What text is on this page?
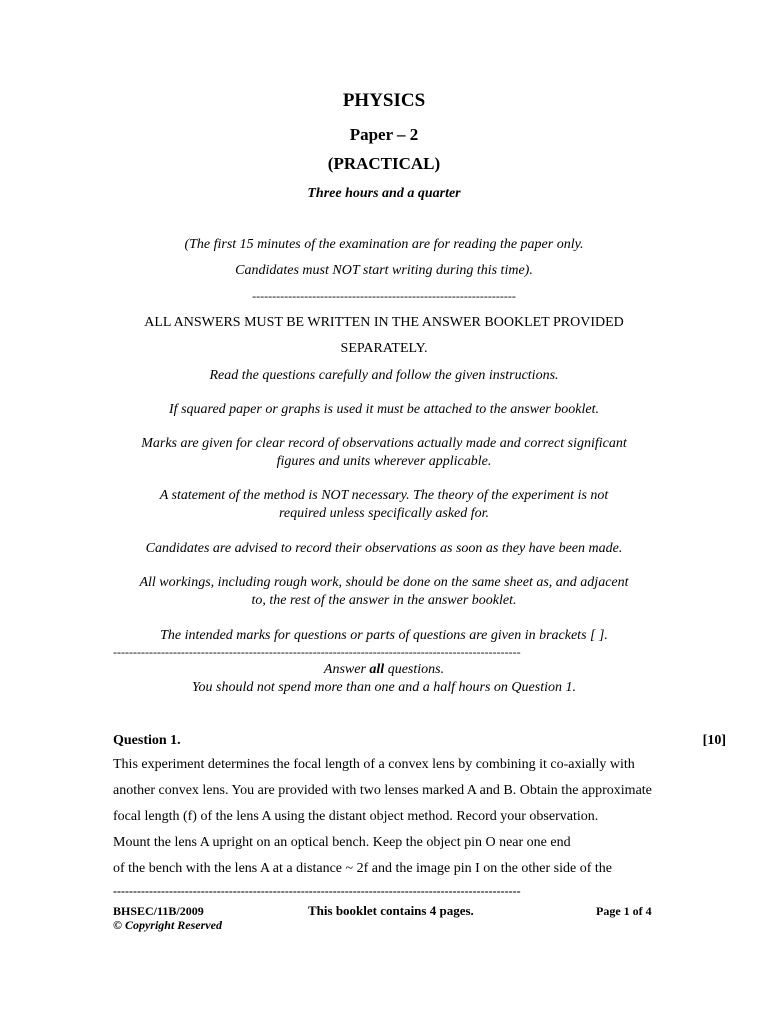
PHYSICS
Paper – 2
(PRACTICAL)
Three hours and a quarter
(The first 15 minutes of the examination are for reading the paper only.
Candidates must NOT start writing during this time).
------------------------------------------------------------------
ALL ANSWERS MUST BE WRITTEN IN THE ANSWER BOOKLET PROVIDED
SEPARATELY.
Read the questions carefully and follow the given instructions.
If squared paper or graphs is used it must be attached to the answer booklet.
Marks are given for clear record of observations actually made and correct significant
figures and units wherever applicable.
A statement of the method is NOT necessary. The theory of the experiment is not
required unless specifically asked for.
Candidates are advised to record their observations as soon as they have been made.
All workings, including rough work, should be done on the same sheet as, and adjacent
to, the rest of the answer in the answer booklet.
The intended marks for questions or parts of questions are given in brackets [ ].
------------------------------------------------------------------------------------------------------
Answer all questions.
You should not spend more than one and a half hours on Question 1.
Question 1.	[10]
This experiment determines the focal length of a convex lens by combining it co-axially with
another convex lens. You are provided with two lenses marked A and B. Obtain the approximate
focal length (f) of the lens A using the distant object method. Record your observation.
Mount the lens A upright on an optical bench. Keep the object pin O near one end
of the bench with the lens A at a distance ~ 2f and the image pin I on the other side of the
------------------------------------------------------------------------------------------------------
BHSEC/11B/2009	This booklet contains 4 pages.	Page 1 of 4
© Copyright Reserved
